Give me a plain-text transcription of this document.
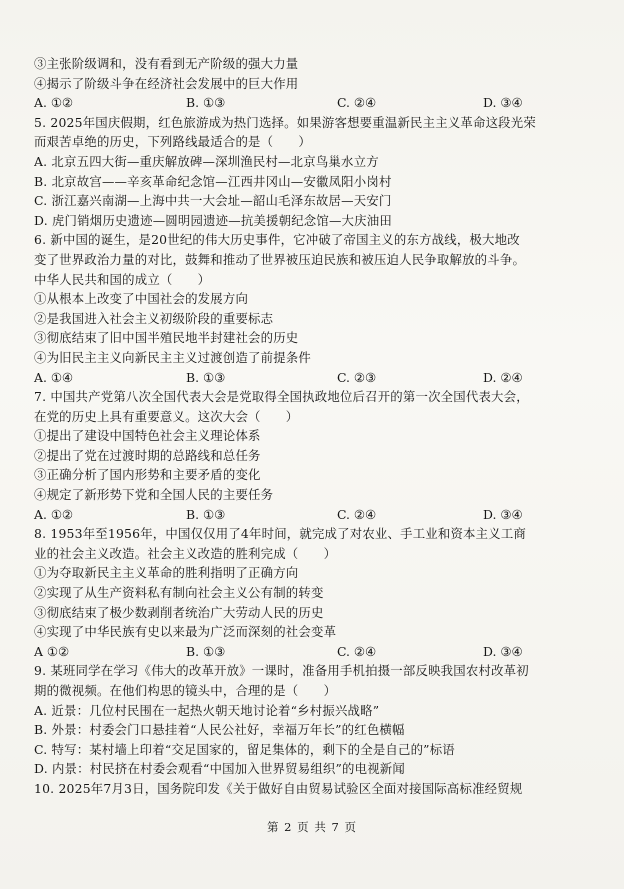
③主张阶级调和，没有看到无产阶级的强大力量
④揭示了阶级斗争在经济社会发展中的巨大作用
A. ①②	B. ①③	C. ②④	D. ③④
5. 2025年国庆假期，红色旅游成为热门选择。如果游客想要重温新民主主义革命这段光荣
而艰苦卓绝的历史，下列路线最适合的是（　　）
A. 北京五四大街—重庆解放碑—深圳渔民村—北京鸟巢水立方
B. 北京故宫——辛亥革命纪念馆—江西井冈山—安徽凤阳小岗村
C. 浙江嘉兴南湖—上海中共一大会址—韶山毛泽东故居—天安门
D. 虎门销烟历史遗迹—圆明园遗迹—抗美援朝纪念馆—大庆油田
6. 新中国的诞生，是20世纪的伟大历史事件，它冲破了帝国主义的东方战线，极大地改
变了世界政治力量的对比，鼓舞和推动了世界被压迫民族和被压迫人民争取解放的斗争。
中华人民共和国的成立（　　）
①从根本上改变了中国社会的发展方向
②是我国进入社会主义初级阶段的重要标志
③彻底结束了旧中国半殖民地半封建社会的历史
④为旧民主主义向新民主主义过渡创造了前提条件
A. ①④	B. ①③	C. ②③	D. ②④
7. 中国共产党第八次全国代表大会是党取得全国执政地位后召开的第一次全国代表大会，
在党的历史上具有重要意义。这次大会（　　）
①提出了建设中国特色社会主义理论体系
②提出了党在过渡时期的总路线和总任务
③正确分析了国内形势和主要矛盾的变化
④规定了新形势下党和全国人民的主要任务
A. ①②	B. ①③	C. ②④	D. ③④
8. 1953年至1956年，中国仅仅用了4年时间，就完成了对农业、手工业和资本主义工商
业的社会主义改造。社会主义改造的胜利完成（　　）
①为夺取新民主主义革命的胜利指明了正确方向
②实现了从生产资料私有制向社会主义公有制的转变
③彻底结束了极少数剥削者统治广大劳动人民的历史
④实现了中华民族有史以来最为广泛而深刻的社会变革
A ①②	B. ①③	C. ②④	D. ③④
9. 某班同学在学习《伟大的改革开放》一课时，准备用手机拍摄一部反映我国农村改革初
期的微视频。在他们构思的镜头中，合理的是（　　）
A. 近景：几位村民围在一起热火朝天地讨论着“乡村振兴战略”
B. 外景：村委会门口悬挂着“人民公社好，幸福万年长”的红色横幅
C. 特写：某村墙上印着“交足国家的，留足集体的，剩下的全是自己的”标语
D. 内景：村民挤在村委会观看“中国加入世界贸易组织”的电视新闻
10. 2025年7月3日，国务院印发《关于做好自由贸易试验区全面对接国际高标准经贸规
第 2 页 共 7 页
